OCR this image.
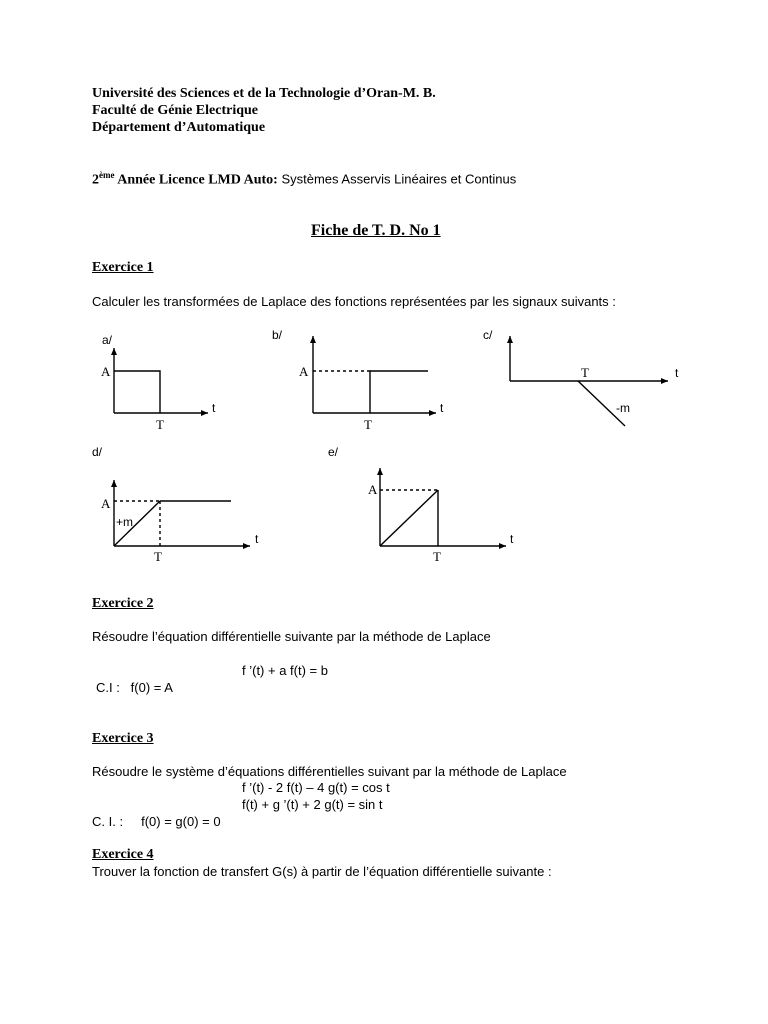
Université des Sciences et de la Technologie d’Oran-M. B.
Faculté de Génie Electrique
Département d’Automatique
2ème Année Licence LMD Auto: Systèmes Asservis Linéaires et Continus
Fiche de T. D. No 1
Exercice 1
Calculer les transformées de Laplace des fonctions représentées par les signaux suivants :
a/
A
T
t
b/
A
T
t
c/
T	t
-m
d/
A
+m
T
t
e/
A
T
t
Exercice 2
Résoudre l’équation différentielle suivante par la méthode de Laplace
f ’(t) + a f(t) = b
C.I :   f(0) = A
Exercice 3
Résoudre le système d’équations différentielles suivant par la méthode de Laplace
f ’(t) - 2 f(t) – 4 g(t) = cos t
f(t) + g ’(t) + 2 g(t) = sin t
C. I. :     f(0) = g(0) = 0
Exercice 4
Trouver la fonction de transfert G(s) à partir de l’équation différentielle suivante :
